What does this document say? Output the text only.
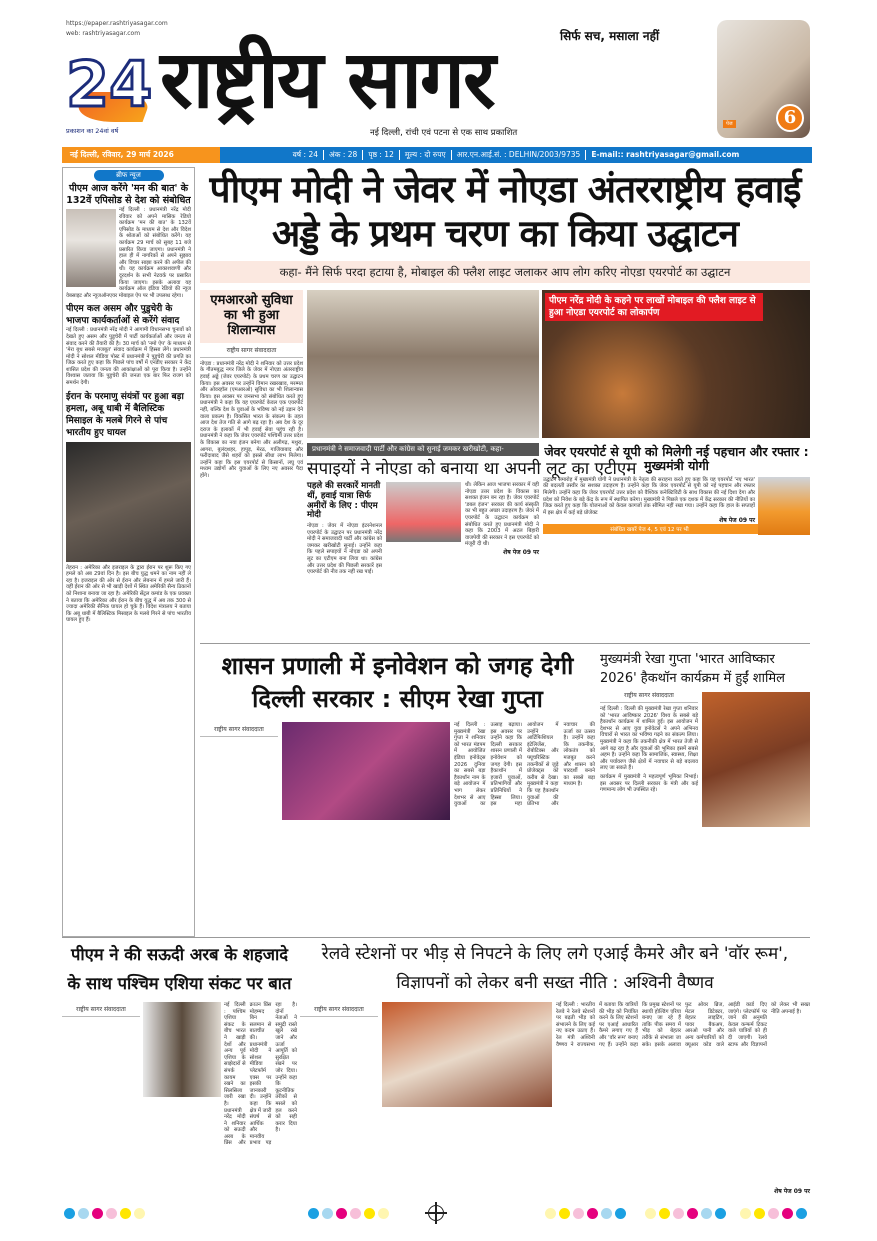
https://epaper.rashtriyasagar.com
web: rashtriyasagar.com
24
प्रकाशन का 24वां वर्ष
राष्ट्रीय सागर	सिर्फ सच, मसाला नहीं
नई दिल्ली, रांची एवं पटना से एक साथ प्रकाशित
पेज	6
नई दिल्ली, रविवार, 29 मार्च 2026	वर्ष : 24	अंक : 28	पृष्ठ : 12	मूल्य : दो रुपए	आर.एन.आई.सं. : DELHIN/2003/9735	E-mail:: rashtriyasagar@gmail.com
ब्रीफ न्यूज
पीएम आज करेंगे 'मन की बात' के 132वें एपिसोड से देश को संबोधित

नई दिल्ली : प्रधानमंत्री नरेंद्र मोदी रविवार को अपने मासिक रेडियो कार्यक्रम 'मन की बात' के 132वें एपिसोड के माध्यम से देश और विदेश के श्रोताओं को संबोधित करेंगे। यह कार्यक्रम 29 मार्च को सुबह 11 बजे प्रसारित किया जाएगा। प्रधानमंत्री ने हाल ही में नागरिकों से अपने सुझाव और विचार साझा करने की अपील की थी। यह कार्यक्रम आकाशवाणी और दूरदर्शन के सभी नेटवर्क पर प्रसारित किया जाएगा। इसके अलावा यह कार्यक्रम ऑल इंडिया रेडियो की न्यूज वेबसाइट और न्यूजऑनएयर मोबाइल ऐप पर भी उपलब्ध रहेगा।

पीएम कल असम और पुडुचेरी के भाजपा कार्यकर्ताओं से करेंगे संवाद

नई दिल्ली : प्रधानमंत्री नरेंद्र मोदी ने आगामी विधानसभा चुनावों को देखते हुए असम और पुडुचेरी में पार्टी कार्यकर्ताओं और जनता से संवाद करने की तैयारी की है। 30 मार्च को 'नमो ऐप' के माध्यम से 'मेरा बूथ सबसे मजबूत' संवाद कार्यक्रम में हिस्सा लेंगे। प्रधानमंत्री मोदी ने सोशल मीडिया पोस्ट में प्रधानमंत्री ने पुडुचेरी की प्रगति का जिक्र करते हुए कहा कि पिछले पांच वर्षों में एनडीए सरकार ने केंद्र शासित प्रदेश की जनता की आकांक्षाओं को पूरा किया है। उन्होंने विश्वास जताया कि पुडुचेरी की जनता एक बार फिर राजग को समर्थन देगी।

ईरान के परमाणु संयंत्रों पर हुआ बड़ा हमला, अबू धाबी में बैलिस्टिक मिसाइल के मलबे गिरने से पांच भारतीय हुए घायल

तेहरान : अमेरिका और इजराइल के द्वारा ईरान पर शुरू किए गए हमले को अब 29वां दिन है। इस बीच युद्ध थमने का नाम नहीं ले रहा है। इजराइल की ओर से ईरान और लेबनान में हमले जारी हैं। वहीं ईरान की ओर से भी खाड़ी देशों में स्थित अमेरिकी सैन्य ठिकानों को निशाना बनाया जा रहा है। अमेरिकी सेंट्रल कमांड के एक प्रवक्ता ने बताया कि अमेरिका और ईरान के बीच युद्ध में अब तक 300 से ज्यादा अमेरिकी सैनिक घायल हो चुके हैं। विदेश मंत्रालय ने बताया कि अबू धाबी में बैलिस्टिक मिसाइल के मलबे गिरने से पांच भारतीय घायल हुए हैं।

पीएम मोदी ने जेवर में नोएडा अंतरराष्ट्रीय हवाई अड्डे के प्रथम चरण का किया उद्घाटन
कहा- मैंने सिर्फ परदा हटाया है, मोबाइल की फ्लैश लाइट जलाकर आप लोग करिए नोएडा एयरपोर्ट का उद्घाटन
एमआरओ सुविधा का भी हुआ शिलान्यास
राष्ट्रीय सागर संवाददाता

नोएडा : प्रधानमंत्री नरेंद्र मोदी ने शनिवार को उत्तर प्रदेश के गौतमबुद्ध नगर जिले के जेवर में नोएडा अंतरराष्ट्रीय हवाई अड्डे (जेवर एयरपोर्ट) के प्रथम चरण का उद्घाटन किया। इस अवसर पर उन्होंने विमान रखरखाव, मरम्मत और ओवरहॉल (एमआरओ) सुविधा का भी शिलान्यास किया। इस अवसर पर जनसभा को संबोधित करते हुए प्रधानमंत्री ने कहा कि यह एयरपोर्ट केवल एक एयरपोर्ट नहीं, बल्कि देश के युवाओं के भविष्य को नई उड़ान देने वाला प्रकल्प है। विकसित भारत के संकल्प के तहत आज देश तेज गति से आगे बढ़ रहा है। अब देश के दूर दराज के इलाकों में भी हवाई सेवा पहुंच रही है। प्रधानमंत्री ने कहा कि जेवर एयरपोर्ट पश्चिमी उत्तर प्रदेश के विकास का नया इंजन बनेगा और अलीगढ़, मथुरा, आगरा, बुलंदशहर, हापुड़, मेरठ, गाजियाबाद और फरीदाबाद जैसे शहरों को इससे सीधा लाभ मिलेगा। उन्होंने कहा कि इस एयरपोर्ट से किसानों, लघु एवं मध्यम उद्योगों और युवाओं के लिए नए अवसर पैदा होंगे।

पीएम नरेंद्र मोदी के कहने पर लाखों मोबाइल की फ्लैश लाइट से हुआ नोएडा एयरपोर्ट का लोकार्पण
प्रधानमंत्री ने समाजवादी पार्टी और कांग्रेस को सुनाई जमकर खरीखोटी, कहा-
सपाइयों ने नोएडा को बनाया था अपनी लूट का एटीएम
पहले की सरकारें मानती थीं, हवाई यात्रा सिर्फ अमीरों के लिए : पीएम मोदी

नोएडा : जेवर में नोएडा इंटरनेशनल एयरपोर्ट के उद्घाटन पर प्रधानमंत्री नरेंद्र मोदी ने समाजवादी पार्टी और कांग्रेस को जमकर खरीखोटी सुनाई। उन्होंने कहा कि पहले सपाइयों ने नोएडा को अपनी लूट का एटीएम बना लिया था। कांग्रेस और उत्तर प्रदेश की पिछली सरकारें इस एयरपोर्ट की नीव तक नहीं रख पाईं।

थी। लेकिन आज भाजपा सरकार में वही नोएडा उत्तर प्रदेश के विकास का सशक्त इंजन बन रहा है। जेवर एयरपोर्ट 'डबल इंजन' सरकार की कार्य संस्कृति का भी बहुत अच्छा उदाहरण है। जेवर में एयरपोर्ट के उद्घाटन कार्यक्रम को संबोधित करते हुए प्रधानमंत्री मोदी ने कहा कि 2003 में अटल बिहारी वाजपेयी की सरकार ने इस एयरपोर्ट को मंजूरी दी थी।

शेष पेज 09 पर
जेवर एयरपोर्ट से यूपी को मिलेगी नई पहचान और रफ्तार : मुख्यमंत्री योगी

उद्घाटन समारोह में मुख्यमंत्री योगी ने प्रधानमंत्री के नेतृत्व की सराहना करते हुए कहा कि यह एयरपोर्ट 'नए भारत' की बदलती तस्वीर का सशक्त उदाहरण है। उन्होंने कहा कि जेवर एयरपोर्ट से यूपी को नई पहचान और रफ्तार मिलेगी। उन्होंने कहा कि जेवर एयरपोर्ट उत्तर प्रदेश को वैश्विक कनेक्टिविटी के साथ विकास की नई दिशा देगा और प्रदेश को निवेश के बड़े केंद्र के रूप में स्थापित करेगा। मुख्यमंत्री ने पिछले एक दशक में केंद्र सरकार की नीतियों का जिक्र करते हुए कहा कि योजनाओं को केवल कागजों तक सीमित नहीं रखा गया। उन्होंने कहा कि हाल के सप्ताहों में इस क्षेत्र में कई बड़े प्रोजेक्ट

शेष पेज 09 पर
संबंधित खबरें पेज 4, 5 एवं 12 पर भी
शासन प्रणाली में इनोवेशन को जगह देगी दिल्ली सरकार : सीएम रेखा गुप्ता
राष्ट्रीय सागर संवाददाता

नई दिल्ली : मुख्यमंत्री रेखा गुप्ता ने शनिवार को भारत मंडपम में आयोजित इंडिया इनोवेट्स 2026 दुनिया का सबसे बड़ा हैकाथॉन नाम के बड़े आयोजन में भाग लेकर देशभर से आए युवाओं का उत्साह बढ़ाया। इस अवसर पर उन्होंने कहा कि दिल्ली सरकार शासन प्रणाली में इनोवेशन को जगह देगी। इस हैकाथॉन में हजारों युवाओं, प्रतिभागियों और प्रतिनिधियों ने हिस्सा लिया। इस महा आयोजन में उन्होंने आर्टिफिशियल इंटेलिजेंस, रोबोटिक्स और फ्यूचरिस्टिक तकनीकों से जुड़े प्रोजेक्ट्स को करीब से देखा। मुख्यमंत्री ने कहा कि यह हैकाथॉन युवाओं की प्रतिभा और नवाचार की ऊर्जा का उत्सव है। उन्होंने कहा कि तकनीक, लोकतंत्र को मजबूत करने और शासन को पारदर्शी बनाने का सबसे बड़ा माध्यम है।

मुख्यमंत्री रेखा गुप्ता 'भारत आविष्कार 2026' हैकथॉन कार्यक्रम में हुईं शामिल
राष्ट्रीय सागर संवाददाता

नई दिल्ली : दिल्ली की मुख्यमंत्री रेखा गुप्ता शनिवार को 'भारत आविष्कार 2026' विश्व के सबसे बड़े हैकाथॉन कार्यक्रम में शामिल हुईं। इस आयोजन में देशभर से आए युवा इनोवेटर्स ने अपने अभिनव विचारों से भारत का भविष्य गढ़ने का संकल्प लिया। मुख्यमंत्री ने कहा कि तकनीकी क्षेत्र में भारत तेजी से आगे बढ़ रहा है और युवाओं की भूमिका इसमें सबसे अहम है। उन्होंने कहा कि सामाजिक, स्वास्थ्य, शिक्षा और पर्यावरण जैसे क्षेत्रों में नवाचार से बड़े बदलाव लाए जा सकते हैं।

कार्यक्रम में मुख्यमंत्री ने महत्वपूर्ण भूमिका निभाई। इस अवसर पर दिल्ली सरकार के मंत्री और कई गणमान्य लोग भी उपस्थित रहे।

पीएम ने की सऊदी अरब के शहजादे के साथ पश्चिम एशिया संकट पर बात
राष्ट्रीय सागर संवाददाता

नई दिल्ली : पश्चिम एशिया संकट के बीच भारत ने खाड़ी देशों और अन्य पूर्व एशिया के साझेदारों से संपर्क कायम रखने का सिलसिला जारी रखा है। प्रधानमंत्री नरेंद्र मोदी ने शनिवार को सऊदी अरब के प्रिंस और क्राउन प्रिंस मोहम्मद बिन सलमान से बातचीत की। प्रधानमंत्री मोदी ने सोशल मीडिया प्लेटफॉर्म एक्स पर इसकी जानकारी दी। उन्होंने कहा कि क्षेत्र में जारी संघर्ष से आर्थिक और मानवीय प्रभाव पड़ रहा है। दोनों नेताओं ने समुद्री रास्ते खुले रखे जाने और ऊर्जा आपूर्ति को सुरक्षित रखने पर जोर दिया। उन्होंने कहा कि कूटनीतिक तरीकों से मसले को हल करने को सही करार दिया है।

रेलवे स्टेशनों पर भीड़ से निपटने के लिए लगे एआई कैमरे और बने 'वॉर रूम', विज्ञापनों को लेकर बनी सख्त नीति : अश्विनी वैष्णव
राष्ट्रीय सागर संवाददाता

नई दिल्ली : भारतीय रेलवे ने रेलवे स्टेशनों पर बढ़ती भीड़ को संभालने के लिए कई नए कदम उठाए हैं। रेल मंत्री अश्विनी वैष्णव ने राज्यसभा में बताया कि यात्रियों की भीड़ को नियंत्रित करने के लिए स्टेशनों पर एआई आधारित कैमरे लगाए गए हैं और 'वॉर रूम' बनाए गए हैं। उन्होंने कहा कि प्रमुख स्टेशनों पर स्थायी होल्डिंग एरिया बनाए जा रहे हैं ताकि पीक समय में भीड़ को बेहतर तरीके से संभाला जा सके। इसके अलावा फुट ओवर ब्रिज, मेटल डिटेक्टर, बेहतर लाइटिंग, पावर बैकअप, आरओ पानी और अन्य कर्मचारियों को क्यूआर कोड वाले आईडी कार्ड दिए जाएंगे। प्लेटफॉर्म पर जाने की अनुमति केवल कन्फर्म टिकट वाले यात्रियों को ही दी जाएगी। रेलवे स्टाफ और विज्ञापनों को लेकर भी सख्त नीति अपनाई है।

शेष पेज 09 पर
